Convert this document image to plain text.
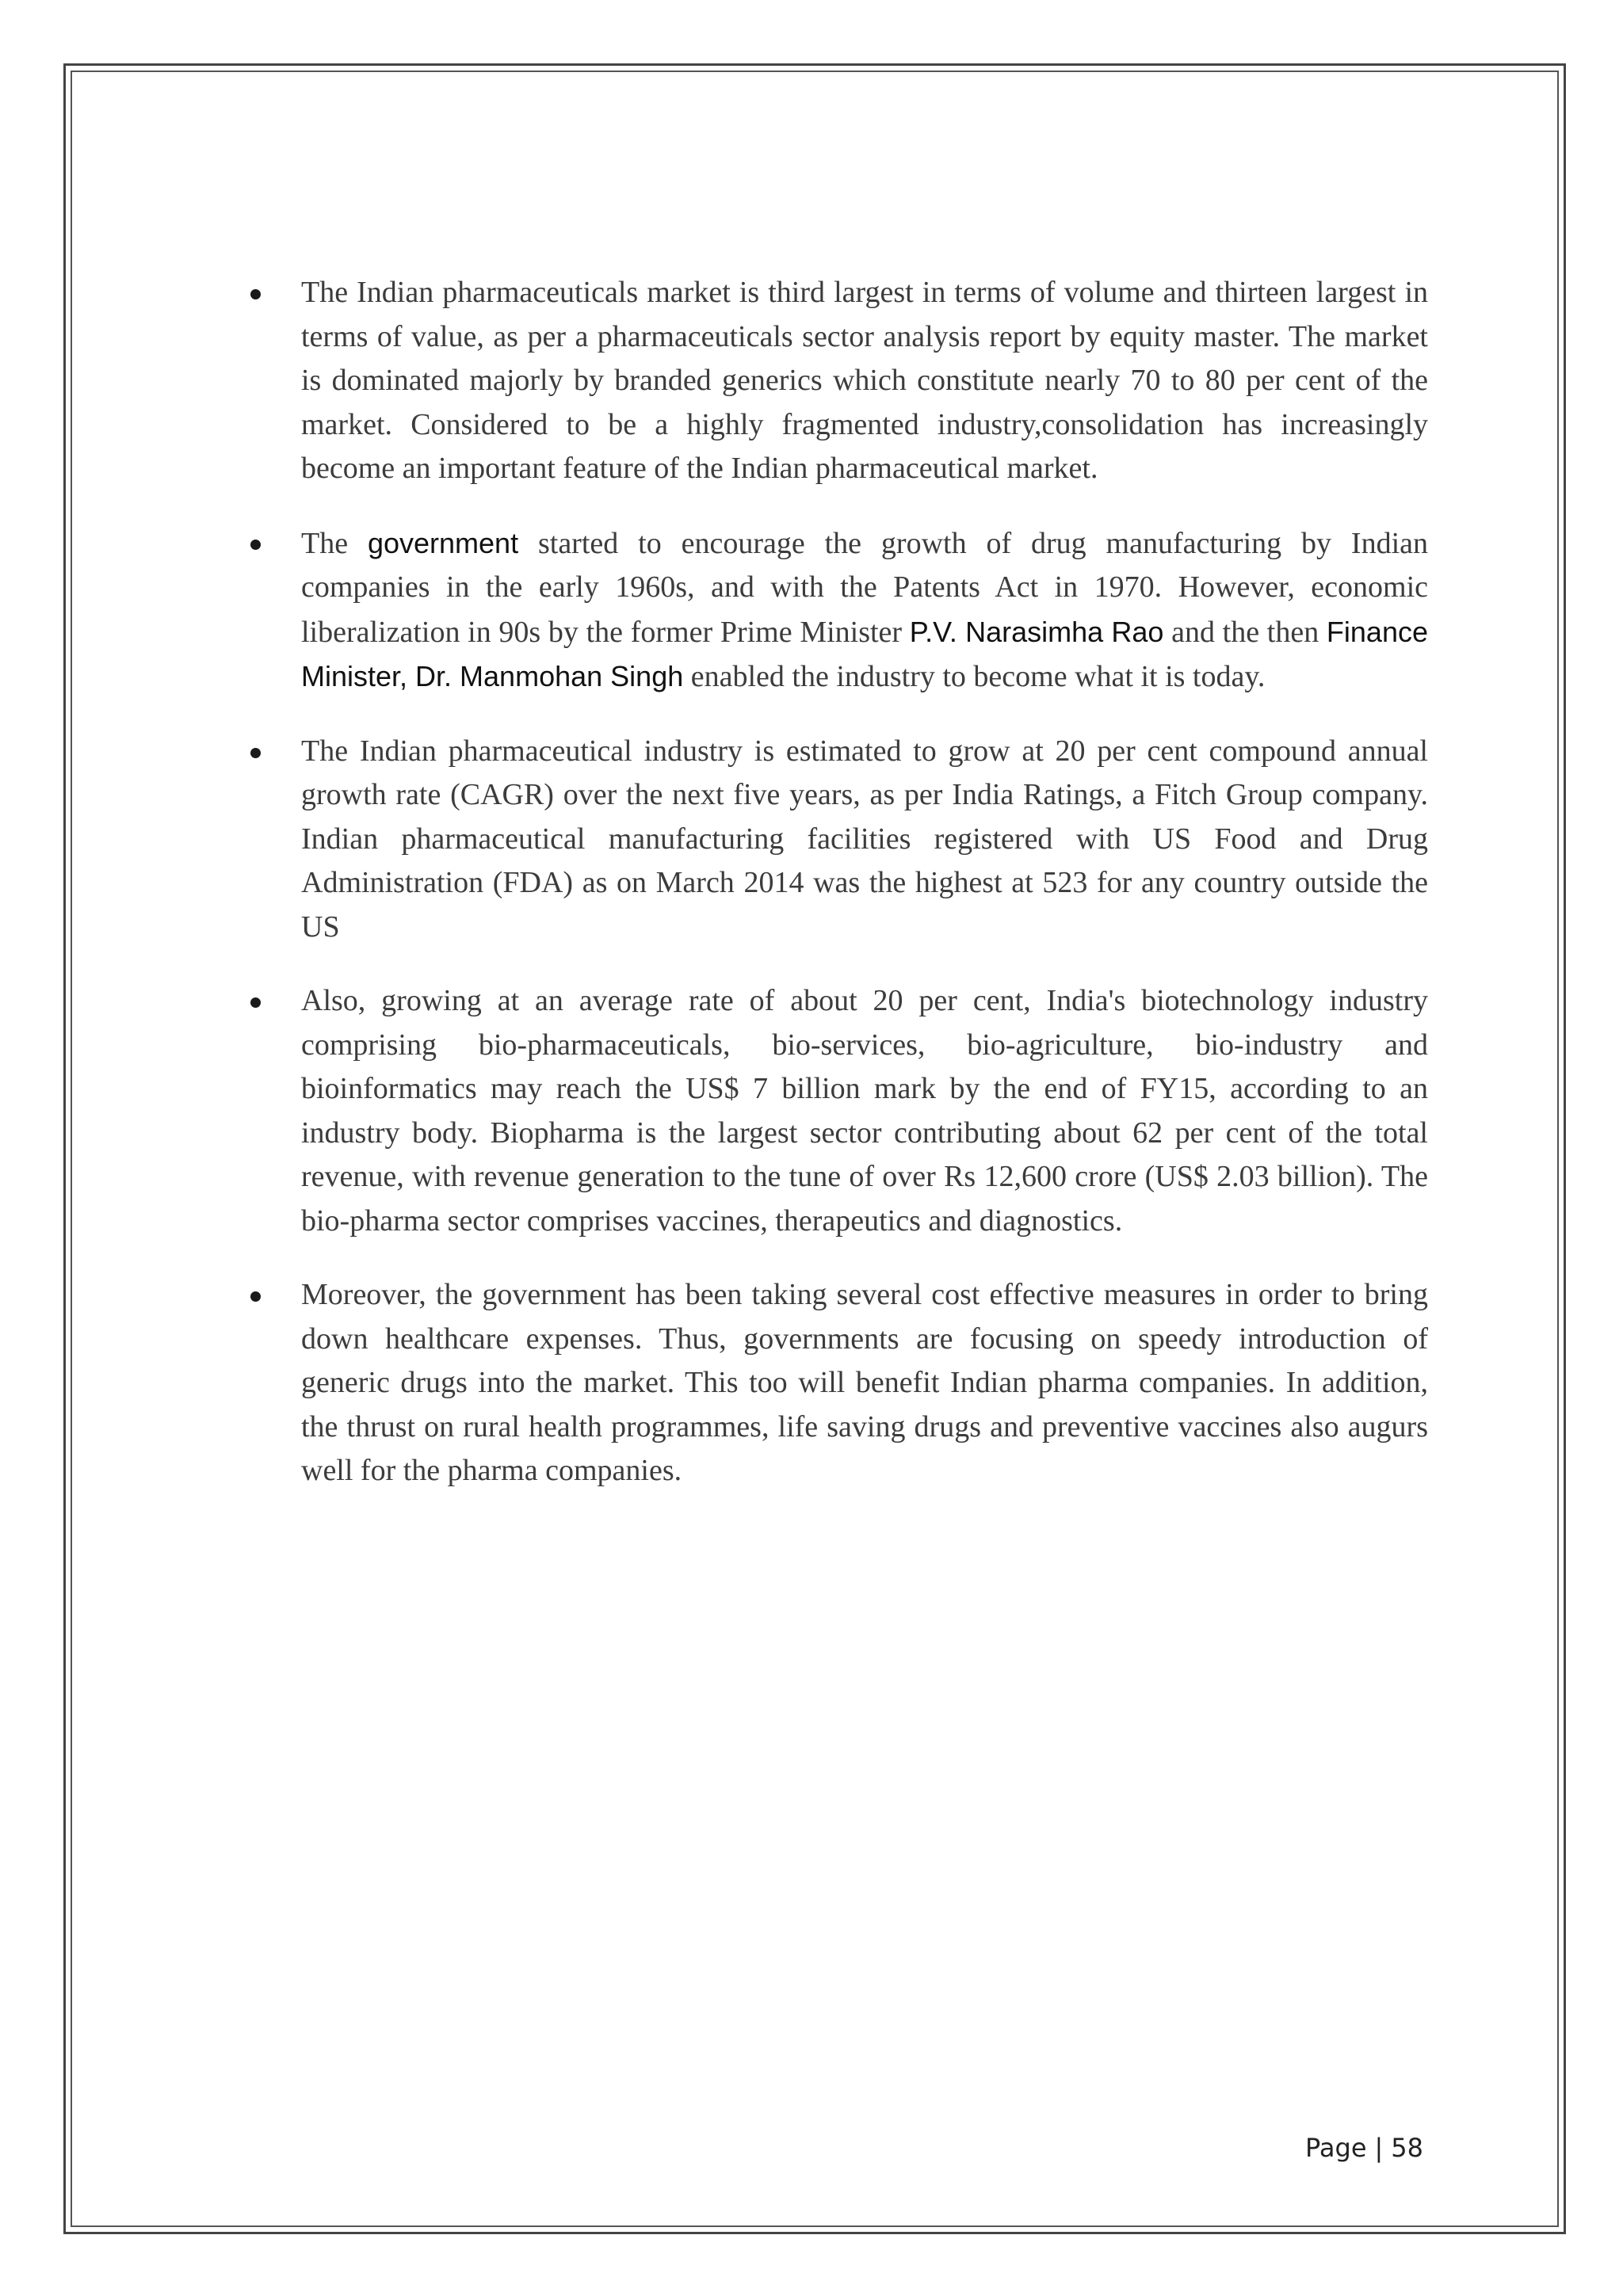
The Indian pharmaceuticals market is third largest in terms of volume and thirteen largest in terms of value, as per a pharmaceuticals sector analysis report by equity master. The market is dominated majorly by branded generics which constitute nearly 70 to 80 per cent of the market. Considered to be a highly fragmented industry,consolidation has increasingly become an important feature of the Indian pharmaceutical market.
The government started to encourage the growth of drug manufacturing by Indian companies in the early 1960s, and with the Patents Act in 1970. However, economic liberalization in 90s by the former Prime Minister P.V. Narasimha Rao and the then Finance Minister, Dr. Manmohan Singh enabled the industry to become what it is today.
The Indian pharmaceutical industry is estimated to grow at 20 per cent compound annual growth rate (CAGR) over the next five years, as per India Ratings, a Fitch Group company. Indian pharmaceutical manufacturing facilities registered with US Food and Drug Administration (FDA) as on March 2014 was the highest at 523 for any country outside the US
Also, growing at an average rate of about 20 per cent, India's biotechnology industry comprising bio-pharmaceuticals, bio-services, bio-agriculture, bio-industry and bioinformatics may reach the US$ 7 billion mark by the end of FY15, according to an industry body. Biopharma is the largest sector contributing about 62 per cent of the total revenue, with revenue generation to the tune of over Rs 12,600 crore (US$ 2.03 billion). The bio-pharma sector comprises vaccines, therapeutics and diagnostics.
Moreover, the government has been taking several cost effective measures in order to bring down healthcare expenses. Thus, governments are focusing on speedy introduction of generic drugs into the market. This too will benefit Indian pharma companies. In addition, the thrust on rural health programmes, life saving drugs and preventive vaccines also augurs well for the pharma companies.
Page | 58
